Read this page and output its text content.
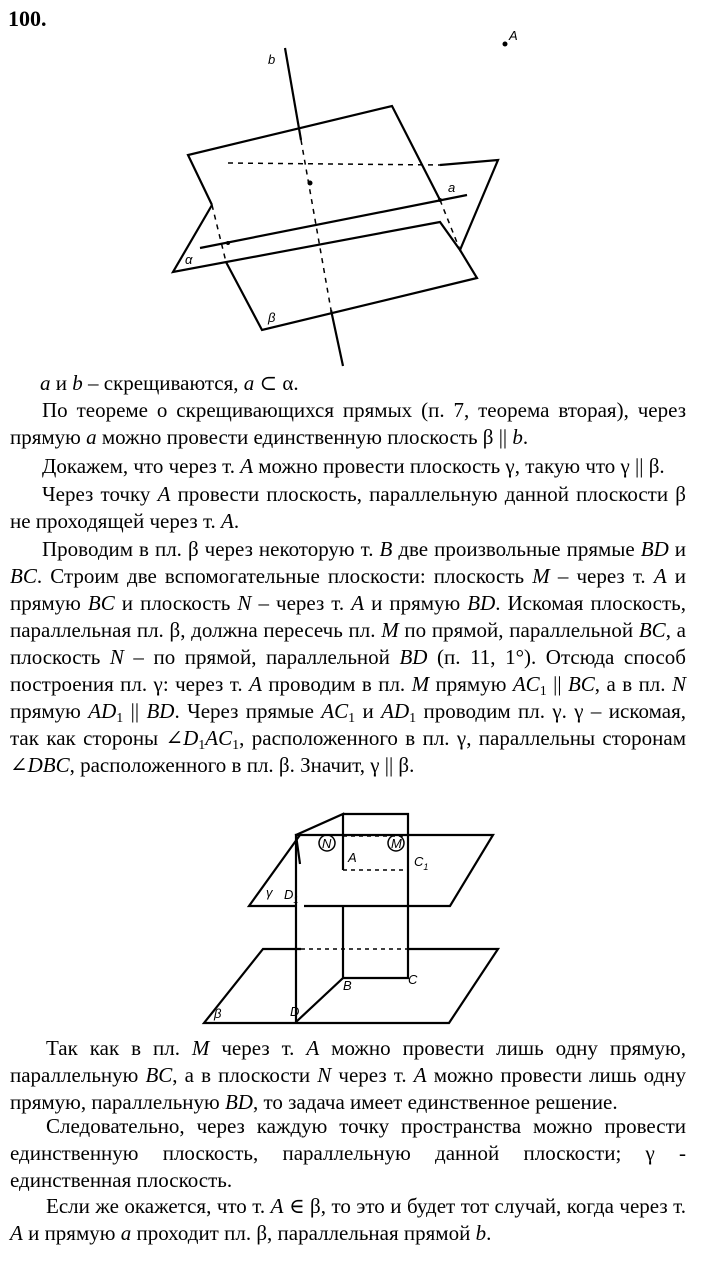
100.
A
b
a
α
β

a и b – скрещиваются, a ⊂ α.

По теореме о скрещивающихся прямых (п. 7, теорема вторая), через прямую a можно провести единственную плоскость β || b.

Докажем, что через т. A можно провести плоскость γ, такую что γ || β.

Через точку A провести плоскость, параллельную данной плоскости β не проходящей через т. A.

Проводим в пл. β через некоторую т. B две произвольные прямые BD и BC. Строим две вспомогательные плоскости: плоскость M – через т. A и прямую BC и плоскость N – через т. A и прямую BD. Искомая плоскость, параллельная пл. β, должна пересечь пл. M по прямой, параллельной BC, а плоскость N – по прямой, параллельной BD (п. 11, 1°). Отсюда способ построения пл. γ: через т. A проводим в пл. M прямую $AC_1$ || BC, а в пл. N прямую $AD_1$ || BD. Через прямые $AC_1$ и $AD_1$ проводим пл. γ. γ – искомая, так как стороны $\angle D_1AC_1$, расположенного в пл. γ, параллельны сторонам ∠DBC, расположенного в пл. β. Значит, γ || β.

N	M
A	$C_1$
γ $D_1$
B	C
D
β

Так как в пл. M через т. A можно провести лишь одну прямую, параллельную BC, а в плоскости N через т. A можно провести лишь одну прямую, параллельную BD, то задача имеет единственное решение.

Следовательно, через каждую точку пространства можно провести единственную плоскость, параллельную данной плоскости; γ - единственная плоскость.

Если же окажется, что т. A ∈ β, то это и будет тот случай, когда через т. A и прямую a проходит пл. β, параллельная прямой b.
